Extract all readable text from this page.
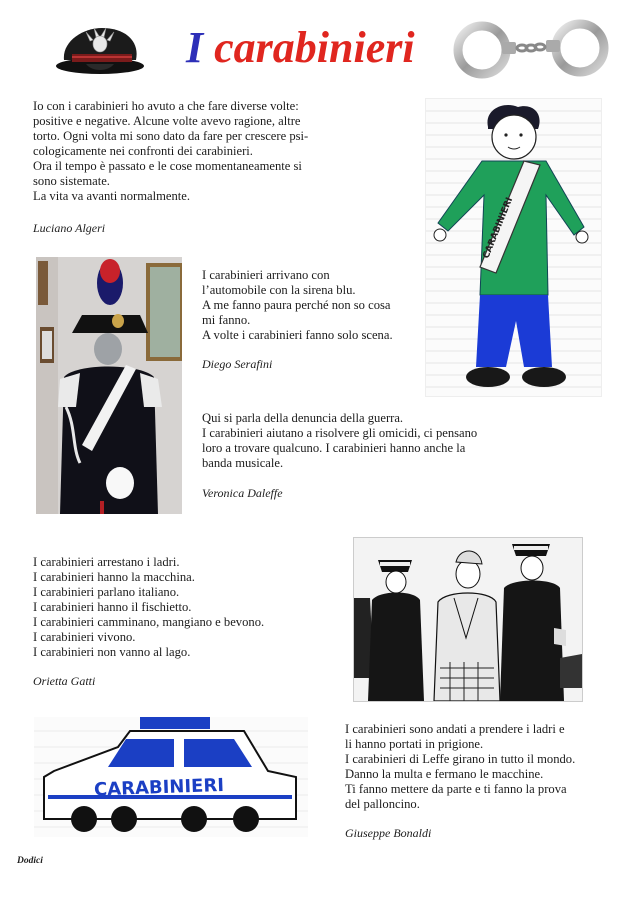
I carabinieri

Io con i carabinieri ho avuto a che fare diverse volte:

positive e negative. Alcune volte avevo ragione, altre

torto. Ogni volta mi sono dato da fare per crescere psi-

cologicamente nei confronti dei carabinieri.

Ora il tempo è passato e le cose momentaneamente si

sono sistemate.

La vita va avanti normalmente.

Luciano Algeri	CARABINIERI

I carabinieri arrivano con

l’automobile con la sirena blu.

A me fanno paura perché non so cosa

mi fanno.

A volte i carabinieri fanno solo scena.

Diego Serafini

Qui si parla della denuncia della guerra.

I carabinieri aiutano a risolvere gli omicidi, ci pensano

loro a trovare qualcuno. I carabinieri hanno anche la

banda musicale.

Veronica Daleffe

I carabinieri arrestano i ladri.

I carabinieri hanno la macchina.

I carabinieri parlano italiano.

I carabinieri hanno il fischietto.

I carabinieri camminano, mangiano e bevono.

I carabinieri vivono.

I carabinieri non vanno al lago.

Orietta Gatti
CARABINIERI

I carabinieri sono andati a prendere i ladri e

li hanno portati in prigione.

I carabinieri di Leffe girano in tutto il mondo.

Danno la multa e fermano le macchine.

Ti fanno mettere da parte e ti fanno la prova

del palloncino.

Giuseppe Bonaldi
Dodici
